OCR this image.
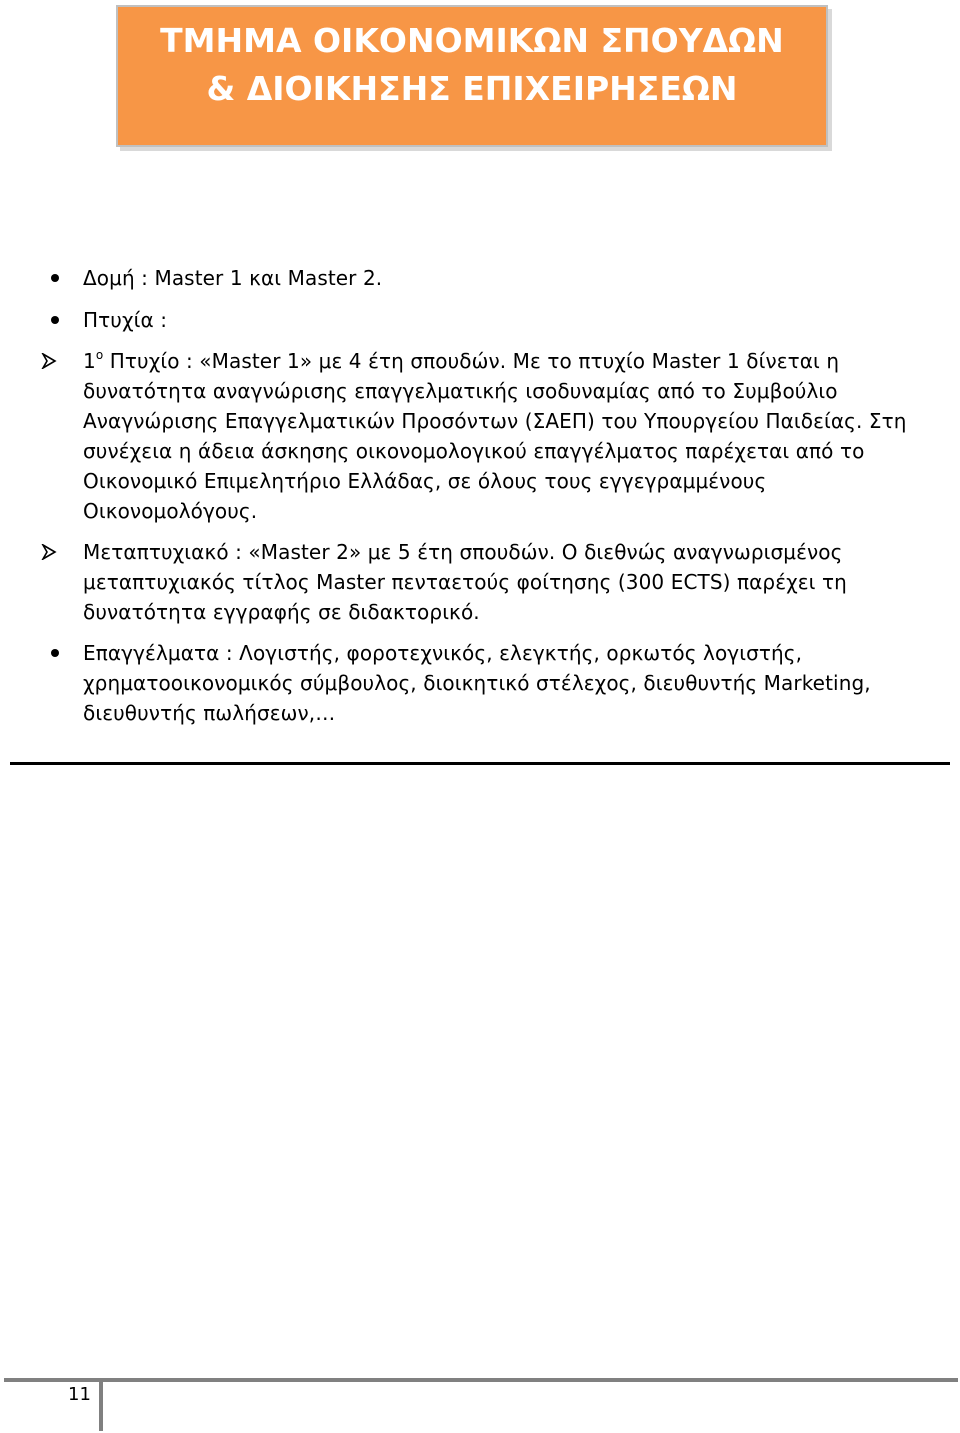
ΤΜΗΜΑ ΟΙΚΟΝΟΜΙΚΩΝ ΣΠΟΥΔΩΝ
& ΔΙΟΙΚΗΣΗΣ ΕΠΙΧΕΙΡΗΣΕΩΝ
Δομή : Master 1 και Master 2.
Πτυχία :
$1^o$ Πτυχίο : «Master 1» με 4 έτη σπουδών. Με το πτυχίο Master 1 δίνεται η
δυνατότητα αναγνώρισης επαγγελματικής ισοδυναμίας από το Συμβούλιο
Αναγνώρισης Επαγγελματικών Προσόντων (ΣΑΕΠ) του Υπουργείου Παιδείας. Στη
συνέχεια η άδεια άσκησης οικονομολογικού επαγγέλματος παρέχεται από το
Οικονομικό Επιμελητήριο Ελλάδας, σε όλους τους εγγεγραμμένους
Οικονομολόγους.
Μεταπτυχιακό : «Master 2» με 5 έτη σπουδών. Ο διεθνώς αναγνωρισμένος
μεταπτυχιακός τίτλος Master πενταετούς φοίτησης (300 ECTS) παρέχει τη
δυνατότητα εγγραφής σε διδακτορικό.
Επαγγέλματα : Λογιστής, φοροτεχνικός, ελεγκτής, ορκωτός λογιστής,
χρηματοοικονομικός σύμβουλος, διοικητικό στέλεχος, διευθυντής Marketing,
διευθυντής πωλήσεων,…
11
